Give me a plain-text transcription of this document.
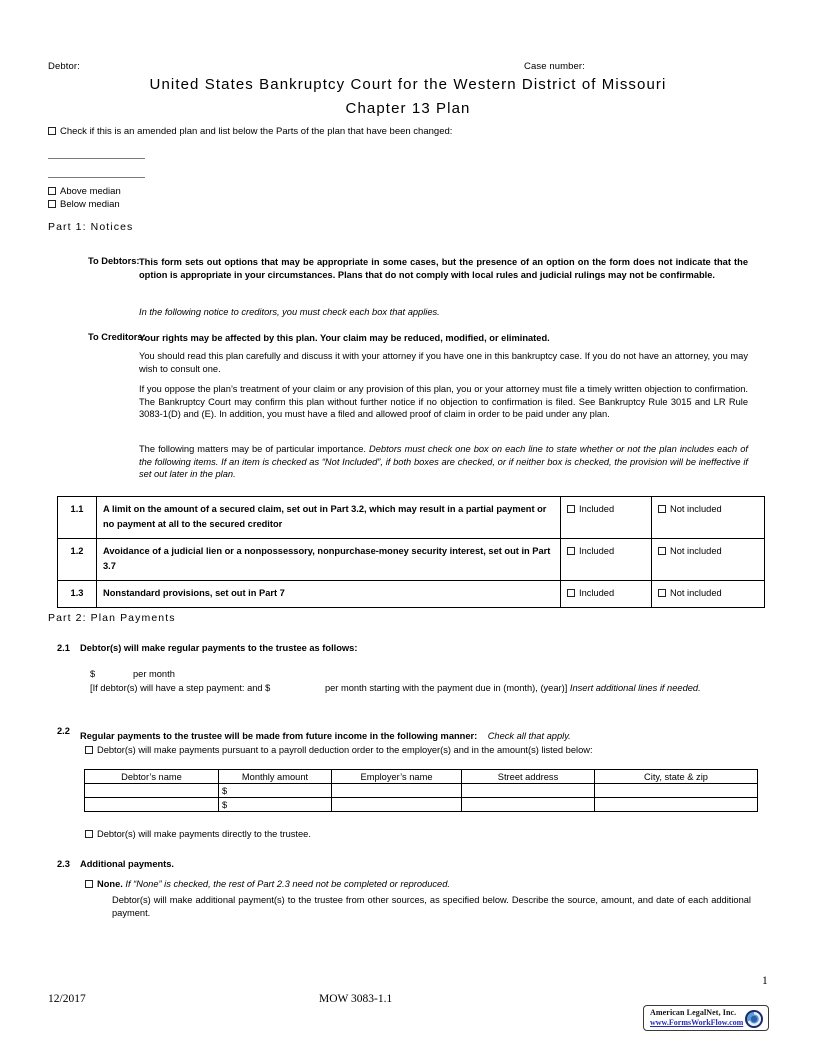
Debtor:	Case number:
United States Bankruptcy Court for the Western District of Missouri
Chapter 13 Plan
Check if this is an amended plan and list below the Parts of the plan that have been changed:
Above median
Below median
Part 1: Notices
To Debtors: This form sets out options that may be appropriate in some cases, but the presence of an option on the form does not indicate that the option is appropriate in your circumstances. Plans that do not comply with local rules and judicial rulings may not be confirmable.
In the following notice to creditors, you must check each box that applies.
To Creditors:
Your rights may be affected by this plan. Your claim may be reduced, modified, or eliminated.
You should read this plan carefully and discuss it with your attorney if you have one in this bankruptcy case. If you do not have an attorney, you may wish to consult one.
If you oppose the plan’s treatment of your claim or any provision of this plan, you or your attorney must file a timely written objection to confirmation. The Bankruptcy Court may confirm this plan without further notice if no objection to confirmation is filed. See Bankruptcy Rule 3015 and LR Rule 3083-1(D) and (E). In addition, you must have a filed and allowed proof of claim in order to be paid under any plan.
The following matters may be of particular importance. Debtors must check one box on each line to state whether or not the plan includes each of the following items. If an item is checked as “Not Included”, if both boxes are checked, or if neither box is checked, the provision will be ineffective if set out later in the plan.
1.1	A limit on the amount of a secured claim, set out in Part 3.2, which may result in a partial payment or no payment at all to the secured creditor	Included	Not included
1.2	Avoidance of a judicial lien or a nonpossessory, nonpurchase-money security interest, set out in Part 3.7	Included	Not included
1.3	Nonstandard provisions, set out in Part 7	Included	Not included
Part 2: Plan Payments
2.1 Debtor(s) will make regular payments to the trustee as follows:
$	per month
[If debtor(s) will have a step payment: and $	per month starting with the payment due in (month), (year)] Insert additional lines if needed.
2.2 Regular payments to the trustee will be made from future income in the following manner: Check all that apply.
Debtor(s) will make payments pursuant to a payroll deduction order to the employer(s) and in the amount(s) listed below:
Debtor’s name	Monthly amount	Employer’s name	Street address	City, state & zip
	$			
	$			
Debtor(s) will make payments directly to the trustee.
2.3 Additional payments.
None. If “None” is checked, the rest of Part 2.3 need not be completed or reproduced.
Debtor(s) will make additional payment(s) to the trustee from other sources, as specified below. Describe the source, amount, and date of each additional payment.
1
12/2017	MOW 3083-1.1
American LegalNet, Inc.
www.FormsWorkFlow.com
